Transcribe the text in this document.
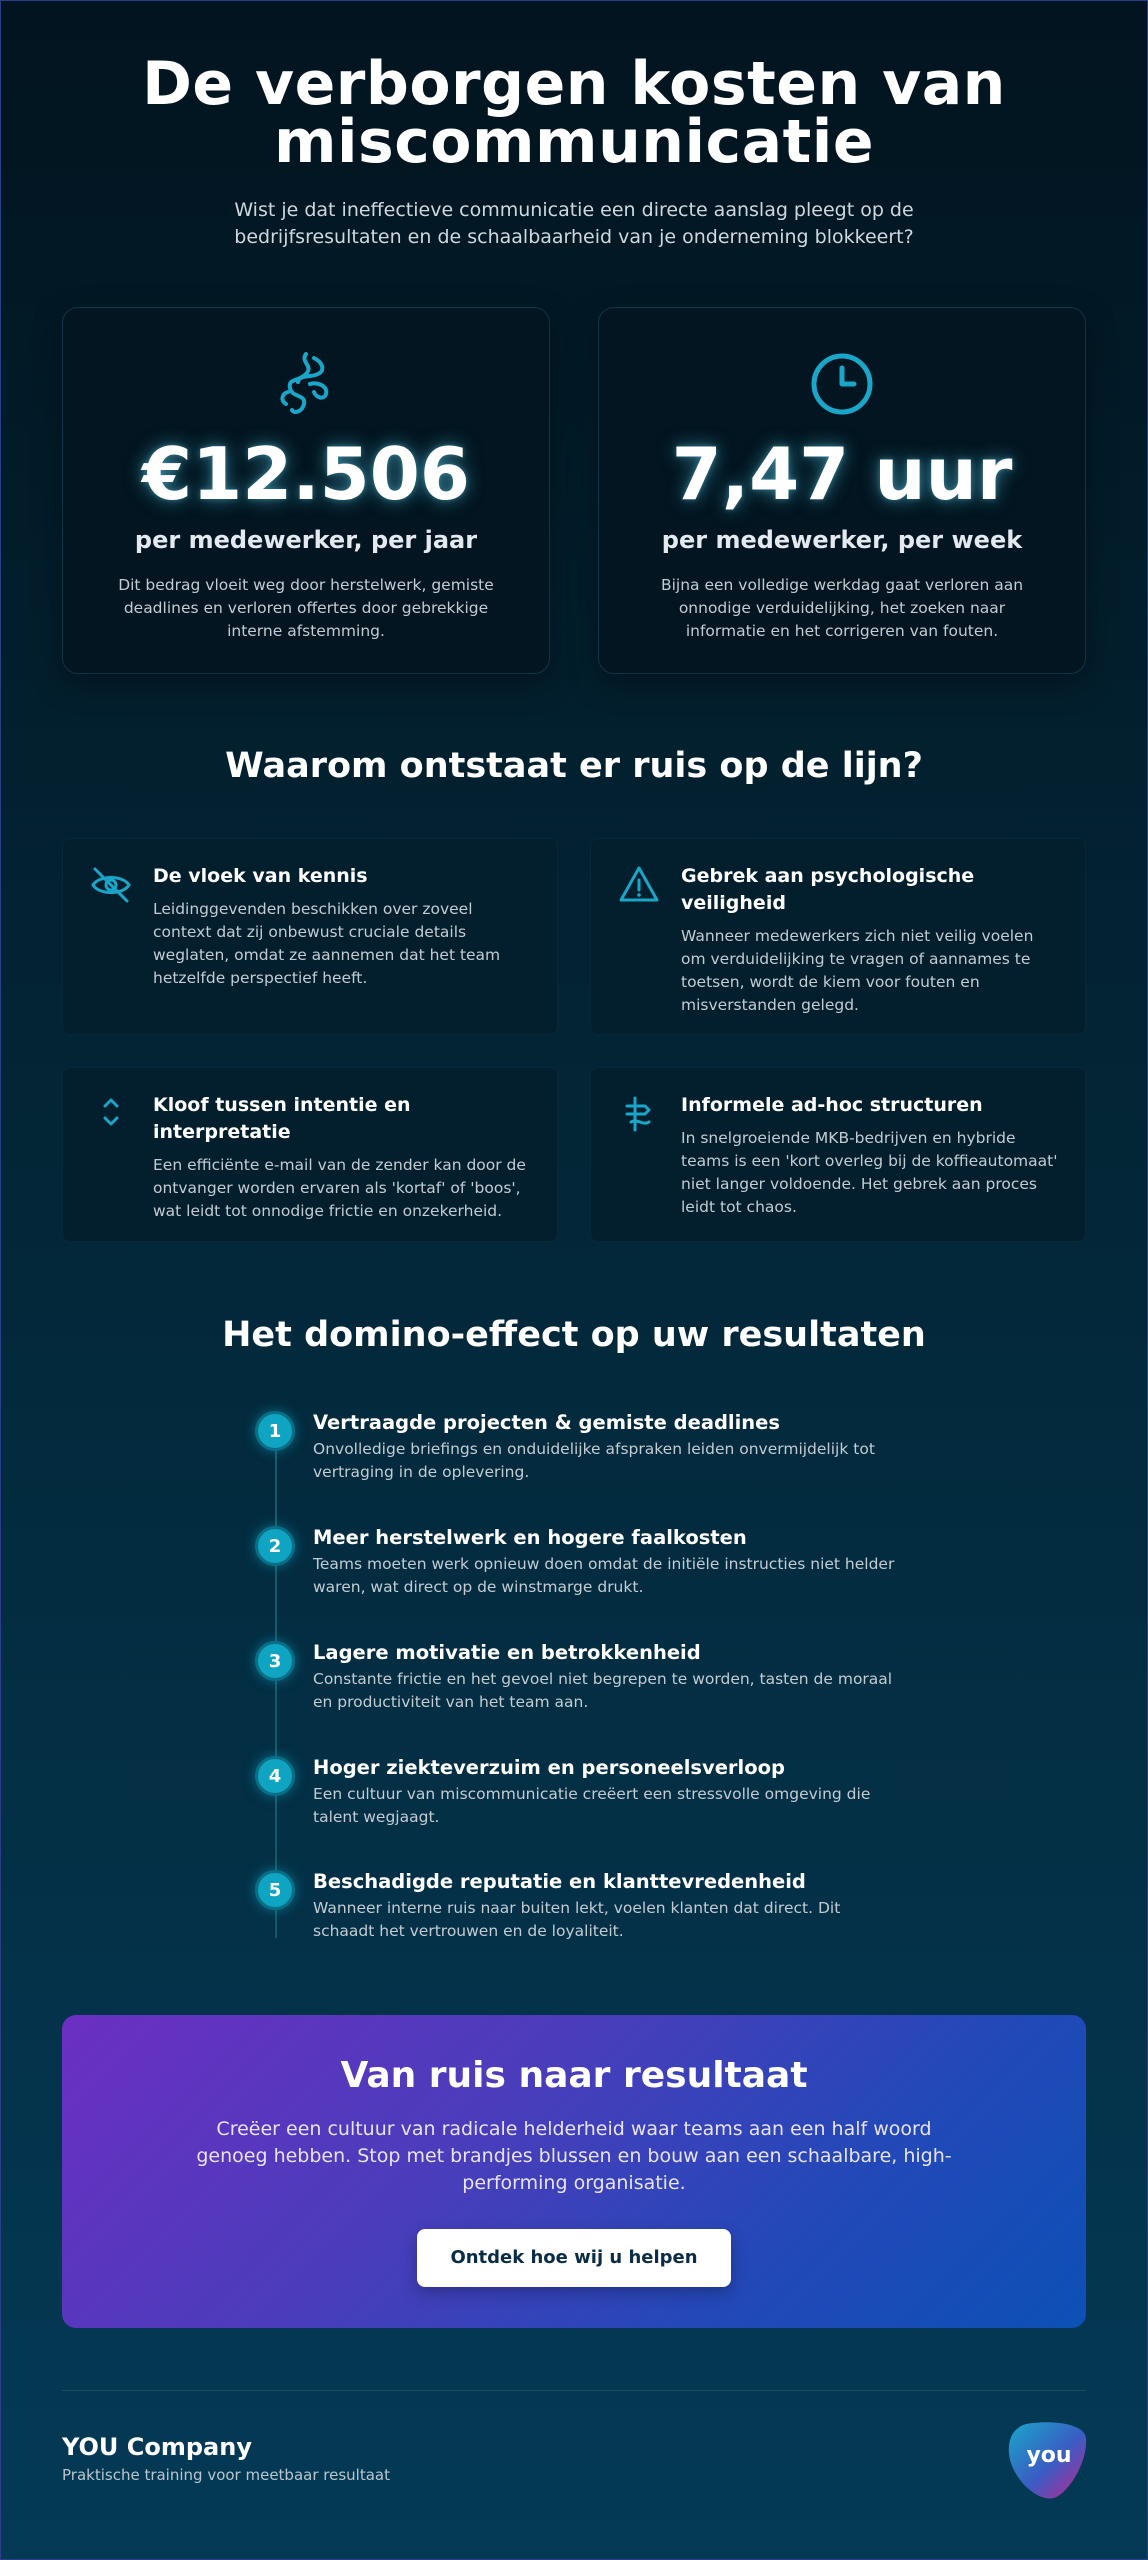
De verborgen kosten van miscommunicatie

Wist je dat ineffectieve communicatie een directe aanslag pleegt op de bedrijfsresultaten en de schaalbaarheid van je onderneming blokkeert?

€12.506
per medewerker, per jaar
Dit bedrag vloeit weg door herstelwerk, gemiste deadlines en verloren offertes door gebrekkige interne afstemming.
7,47 uur
per medewerker, per week
Bijna een volledige werkdag gaat verloren aan onnodige verduidelijking, het zoeken naar informatie en het corrigeren van fouten.
Waarom ontstaat er ruis op de lijn?
De vloek van kennis

Leidinggevenden beschikken over zoveel context dat zij onbewust cruciale details weglaten, omdat ze aannemen dat het team hetzelfde perspectief heeft.

Gebrek aan psychologische veiligheid

Wanneer medewerkers zich niet veilig voelen om verduidelijking te vragen of aannames te toetsen, wordt de kiem voor fouten en misverstanden gelegd.

Kloof tussen intentie en interpretatie

Een efficiënte e-mail van de zender kan door de ontvanger worden ervaren als 'kortaf' of 'boos', wat leidt tot onnodige frictie en onzekerheid.

Informele ad-hoc structuren

In snelgroeiende MKB-bedrijven en hybride teams is een 'kort overleg bij de koffieautomaat' niet langer voldoende. Het gebrek aan proces leidt tot chaos.

Het domino-effect op uw resultaten
1	Vertraagde projecten & gemiste deadlines

Onvolledige briefings en onduidelijke afspraken leiden onvermijdelijk tot vertraging in de oplevering.

2	Meer herstelwerk en hogere faalkosten

Teams moeten werk opnieuw doen omdat de initiële instructies niet helder waren, wat direct op de winstmarge drukt.

3	Lagere motivatie en betrokkenheid

Constante frictie en het gevoel niet begrepen te worden, tasten de moraal en productiviteit van het team aan.

4	Hoger ziekteverzuim en personeelsverloop

Een cultuur van miscommunicatie creëert een stressvolle omgeving die talent wegjaagt.

5	Beschadigde reputatie en klanttevredenheid

Wanneer interne ruis naar buiten lekt, voelen klanten dat direct. Dit schaadt het vertrouwen en de loyaliteit.

Van ruis naar resultaat

Creëer een cultuur van radicale helderheid waar teams aan een half woord genoeg hebben. Stop met brandjes blussen en bouw aan een schaalbare, high-performing organisatie.

Ontdek hoe wij u helpen
YOU Company
Praktische training voor meetbaar resultaat
you
